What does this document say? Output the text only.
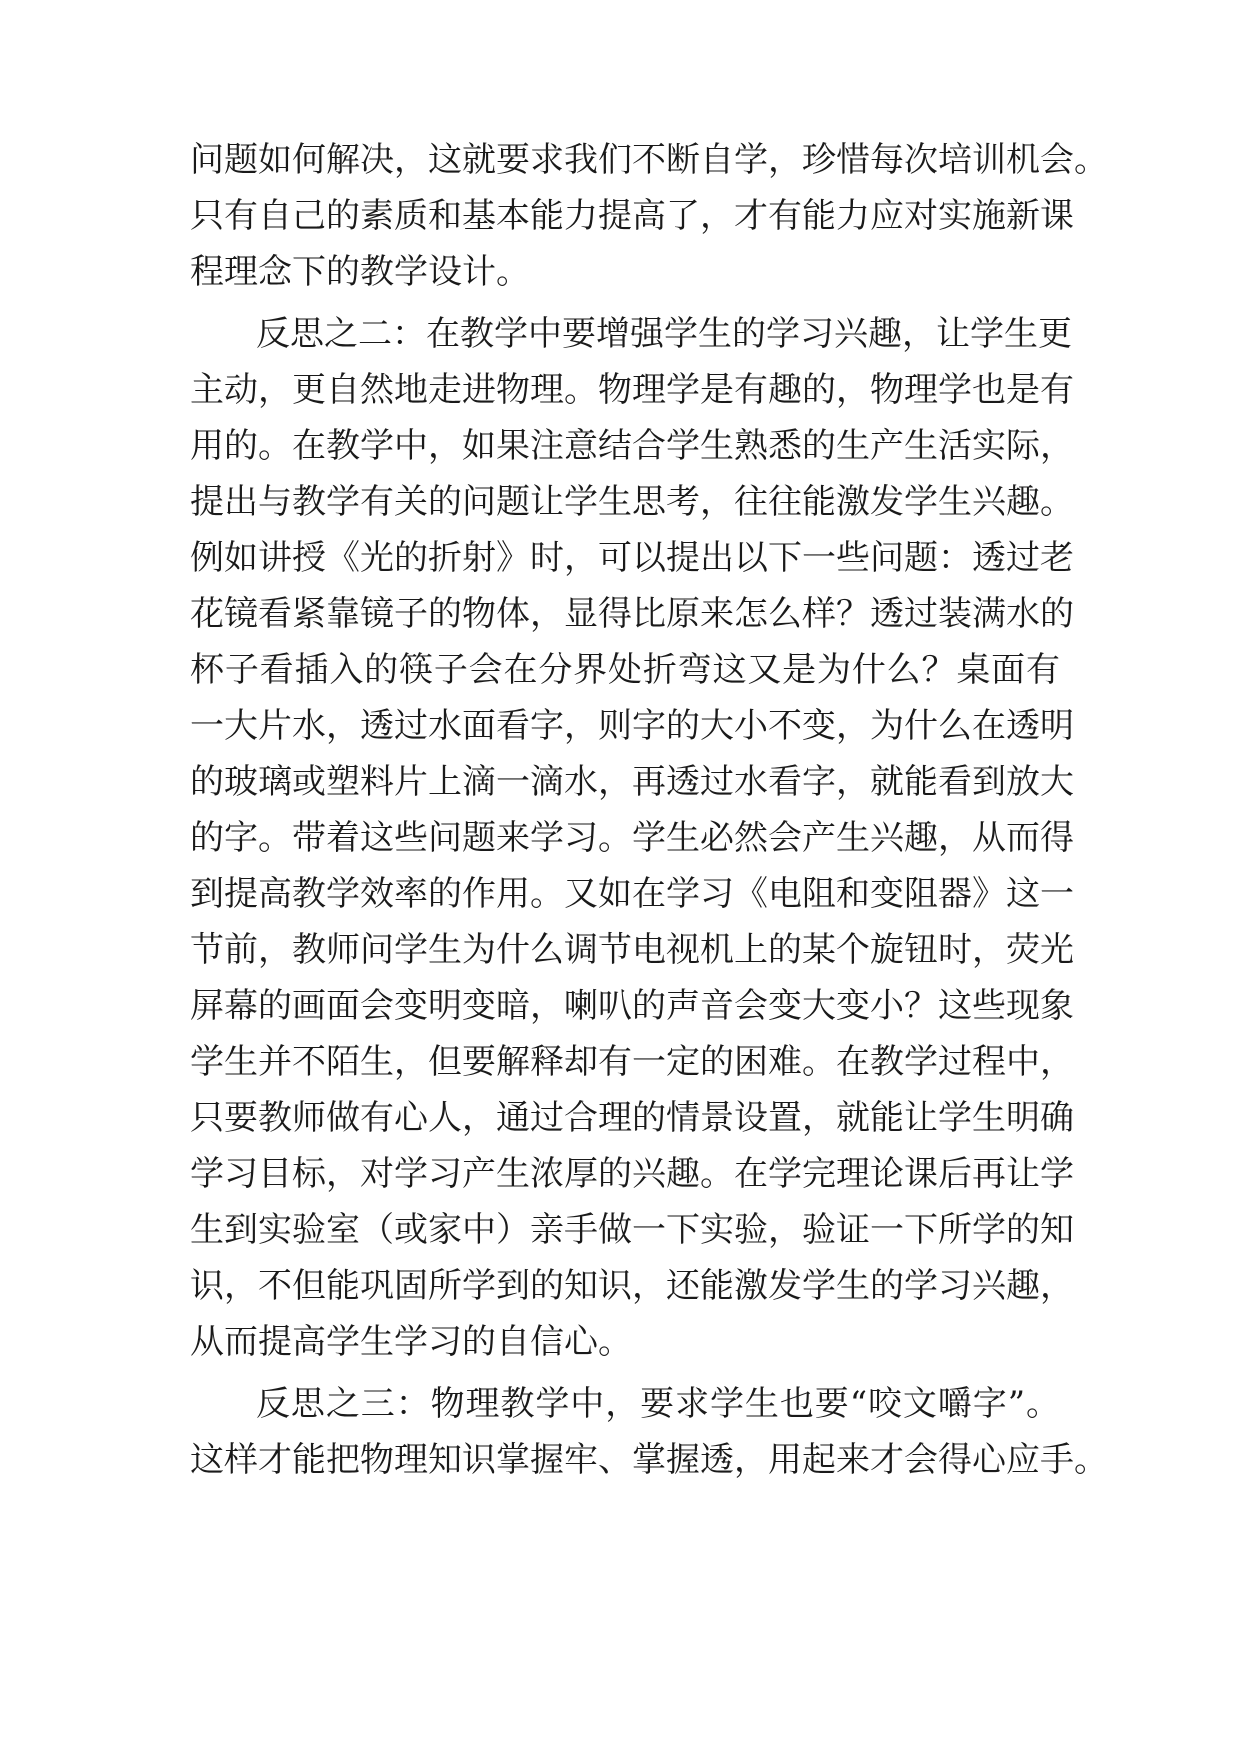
问题如何解决，这就要求我们不断自学，珍惜每次培训机会。
只有自己的素质和基本能力提高了，才有能力应对实施新课
程理念下的教学设计。
反思之二：在教学中要增强学生的学习兴趣，让学生更
主动，更自然地走进物理。物理学是有趣的，物理学也是有
用的。在教学中，如果注意结合学生熟悉的生产生活实际，
提出与教学有关的问题让学生思考，往往能激发学生兴趣。
例如讲授《光的折射》时，可以提出以下一些问题：透过老
花镜看紧靠镜子的物体，显得比原来怎么样？透过装满水的
杯子看插入的筷子会在分界处折弯这又是为什么？桌面有
一大片水，透过水面看字，则字的大小不变，为什么在透明
的玻璃或塑料片上滴一滴水，再透过水看字，就能看到放大
的字。带着这些问题来学习。学生必然会产生兴趣，从而得
到提高教学效率的作用。又如在学习《电阻和变阻器》这一
节前，教师问学生为什么调节电视机上的某个旋钮时，荧光
屏幕的画面会变明变暗，喇叭的声音会变大变小？这些现象
学生并不陌生，但要解释却有一定的困难。在教学过程中，
只要教师做有心人，通过合理的情景设置，就能让学生明确
学习目标，对学习产生浓厚的兴趣。在学完理论课后再让学
生到实验室（或家中）亲手做一下实验，验证一下所学的知
识，不但能巩固所学到的知识，还能激发学生的学习兴趣，
从而提高学生学习的自信心。
反思之三：物理教学中，要求学生也要“咬文嚼字”。
这样才能把物理知识掌握牢、掌握透，用起来才会得心应手。
